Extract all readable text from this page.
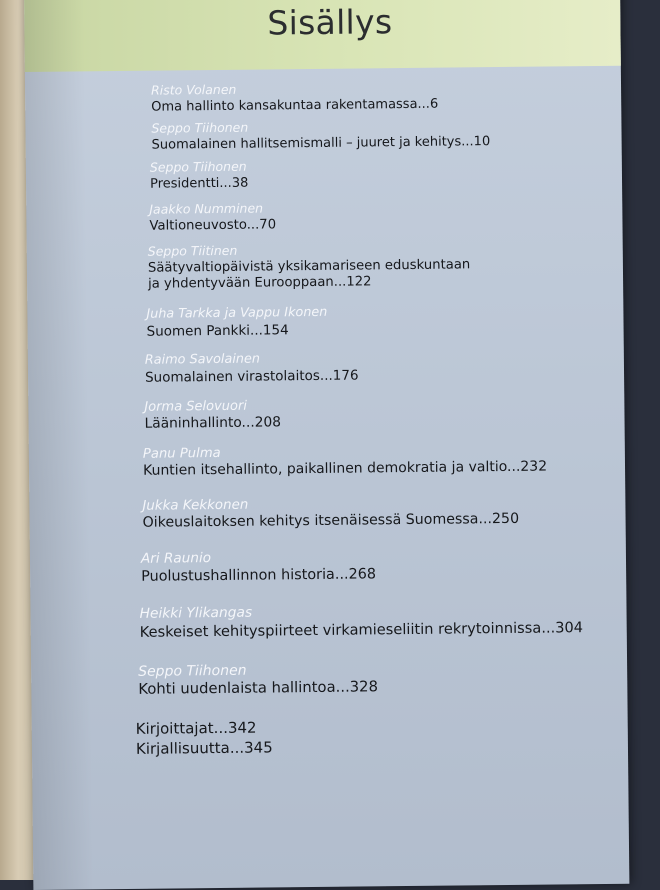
Sisällys
Risto Volanen
Oma hallinto kansakuntaa rakentamassa...6
Seppo Tiihonen
Suomalainen hallitsemismalli – juuret ja kehitys...10
Seppo Tiihonen
Presidentti...38
Jaakko Numminen
Valtioneuvosto...70
Seppo Tiitinen
Säätyvaltiopäivistä yksikamariseen eduskuntaan
ja yhdentyvään Eurooppaan...122
Juha Tarkka ja Vappu Ikonen
Suomen Pankki...154
Raimo Savolainen
Suomalainen virastolaitos...176
Jorma Selovuori
Lääninhallinto...208
Panu Pulma
Kuntien itsehallinto, paikallinen demokratia ja valtio...232
Jukka Kekkonen
Oikeuslaitoksen kehitys itsenäisessä Suomessa...250
Ari Raunio
Puolustushallinnon historia...268
Heikki Ylikangas
Keskeiset kehityspiirteet virkamieseliitin rekrytoinnissa...304
Seppo Tiihonen
Kohti uudenlaista hallintoa...328
Kirjoittajat...342
Kirjallisuutta...345
